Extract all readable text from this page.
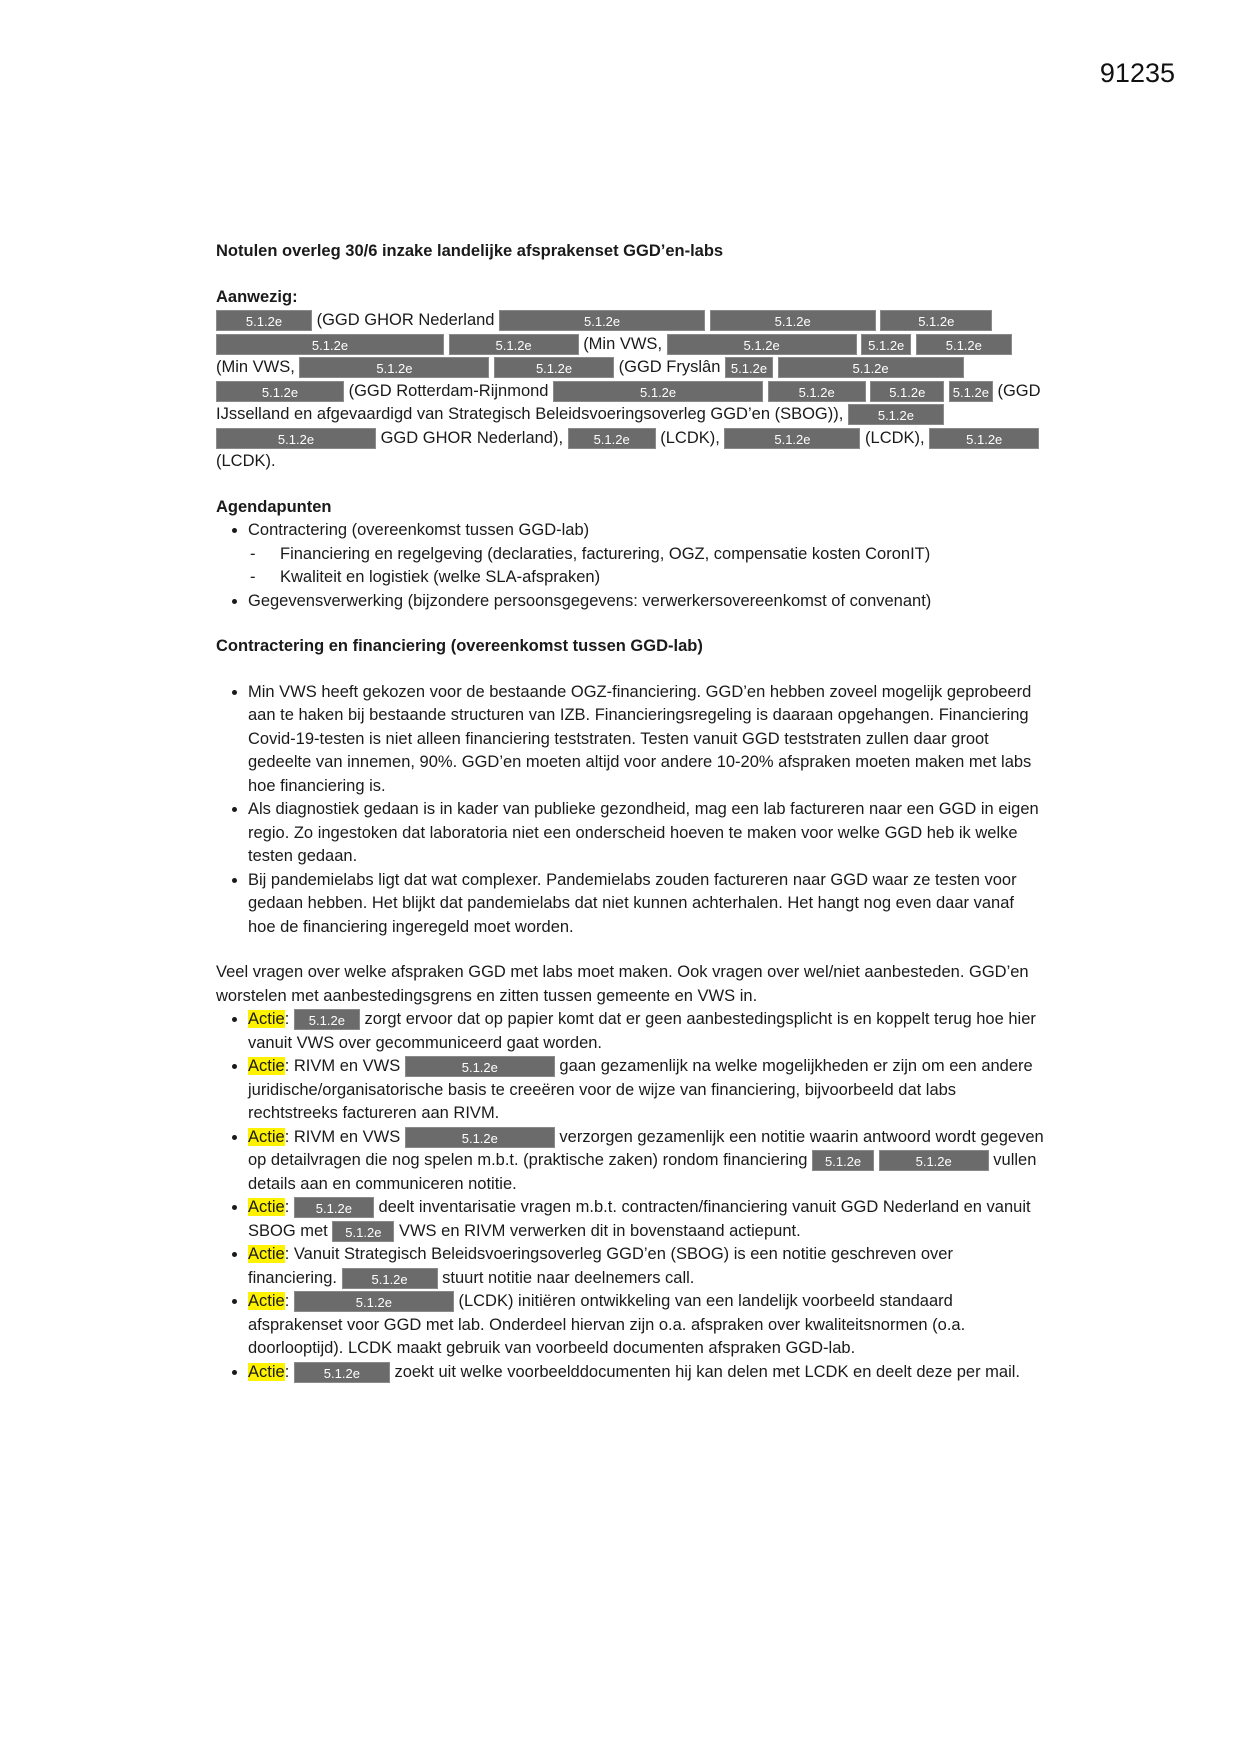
91235

Notulen overleg 30/6 inzake landelijke afsprakenset GGD’en-labs

Aanwezig:

5.1.2e (GGD GHOR Nederland	5.1.2e	5.1.2e	5.1.2e 5.1.2e	5.1.2e	(Min VWS,	5.1.2e	5.1.2e	5.1.2e (Min VWS,	5.1.2e	5.1.2e	(GGD Fryslân 5.1.2e	5.1.2e 5.1.2e	(GGD Rotterdam-Rijnmond	5.1.2e	5.1.2e	5.1.2e 5.1.2e (GGD IJsselland en afgevaardigd van Strategisch Beleidsvoeringsoverleg GGD’en (SBOG)),	5.1.2e 5.1.2e	GGD GHOR Nederland), 5.1.2e (LCDK),	5.1.2e	(LCDK),	5.1.2e (LCDK).

Agendapunten

• Contractering (overeenkomst tussen GGD-lab)
- Financiering en regelgeving (declaraties, facturering, OGZ, compensatie kosten CoronIT)
- Kwaliteit en logistiek (welke SLA-afspraken)
• Gegevensverwerking (bijzondere persoonsgegevens: verwerkersovereenkomst of convenant)

Contractering en financiering (overeenkomst tussen GGD-lab)

• Min VWS heeft gekozen voor de bestaande OGZ-financiering. GGD’en hebben zoveel mogelijk geprobeerd aan te haken bij bestaande structuren van IZB. Financieringsregeling is daaraan opgehangen. Financiering Covid-19-testen is niet alleen financiering teststraten. Testen vanuit GGD teststraten zullen daar groot gedeelte van innemen, 90%. GGD’en moeten altijd voor andere 10-20% afspraken moeten maken met labs hoe financiering is.
• Als diagnostiek gedaan is in kader van publieke gezondheid, mag een lab factureren naar een GGD in eigen regio. Zo ingestoken dat laboratoria niet een onderscheid hoeven te maken voor welke GGD heb ik welke testen gedaan.
• Bij pandemielabs ligt dat wat complexer. Pandemielabs zouden factureren naar GGD waar ze testen voor gedaan hebben. Het blijkt dat pandemielabs dat niet kunnen achterhalen. Het hangt nog even daar vanaf hoe de financiering ingeregeld moet worden.

Veel vragen over welke afspraken GGD met labs moet maken. Ook vragen over wel/niet aanbesteden. GGD’en worstelen met aanbestedingsgrens en zitten tussen gemeente en VWS in.

• Actie: 5.1.2e zorgt ervoor dat op papier komt dat er geen aanbestedingsplicht is en koppelt terug hoe hier vanuit VWS over gecommuniceerd gaat worden.
• Actie: RIVM en VWS	5.1.2e	gaan gezamenlijk na welke mogelijkheden er zijn om een andere juridische/organisatorische basis te creeëren voor de wijze van financiering, bijvoorbeeld dat labs rechtstreeks factureren aan RIVM.
• Actie: RIVM en VWS	5.1.2e	verzorgen gezamenlijk een notitie waarin antwoord wordt gegeven op detailvragen die nog spelen m.b.t. (praktische zaken) rondom financiering 5.1.2e	5.1.2e	vullen details aan en communiceren notitie.
• Actie: 5.1.2e deelt inventarisatie vragen m.b.t. contracten/financiering vanuit GGD Nederland en vanuit SBOG met 5.1.2e VWS en RIVM verwerken dit in bovenstaand actiepunt.
• Actie: Vanuit Strategisch Beleidsvoeringsoverleg GGD’en (SBOG) is een notitie geschreven over financiering.	5.1.2e stuurt notitie naar deelnemers call.
• Actie:	5.1.2e	(LCDK) initiëren ontwikkeling van een landelijk voorbeeld standaard afsprakenset voor GGD met lab. Onderdeel hiervan zijn o.a. afspraken over kwaliteitsnormen (o.a. doorlooptijd). LCDK maakt gebruik van voorbeeld documenten afspraken GGD-lab.
• Actie: 5.1.2e zoekt uit welke voorbeelddocumenten hij kan delen met LCDK en deelt deze per mail.
